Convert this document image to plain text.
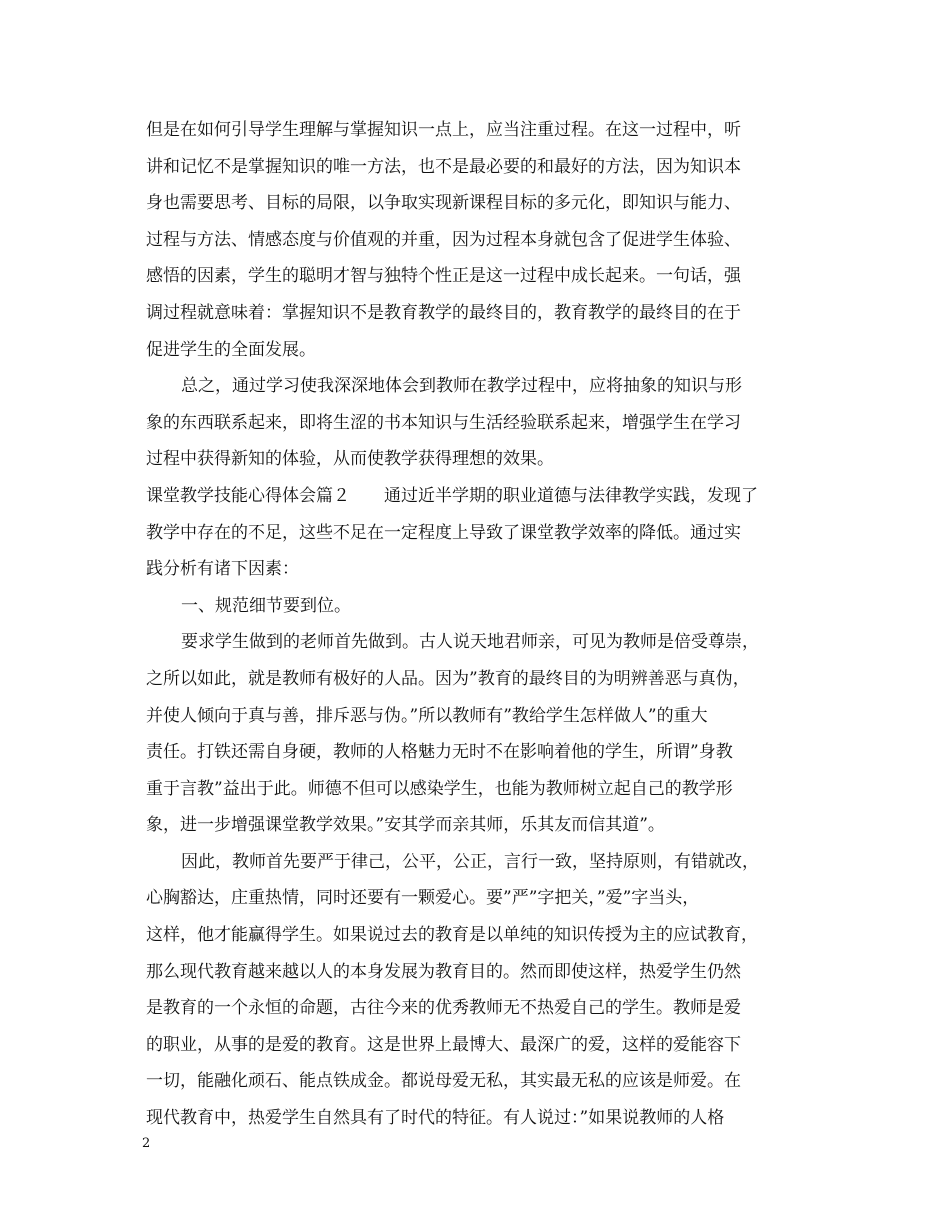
但是在如何引导学生理解与掌握知识一点上，应当注重过程。在这一过程中，听
讲和记忆不是掌握知识的唯一方法，也不是最必要的和最好的方法，因为知识本
身也需要思考、目标的局限，以争取实现新课程目标的多元化，即知识与能力、
过程与方法、情感态度与价值观的并重，因为过程本身就包含了促进学生体验、
感悟的因素，学生的聪明才智与独特个性正是这一过程中成长起来。一句话，强
调过程就意味着：掌握知识不是教育教学的最终目的，教育教学的最终目的在于
促进学生的全面发展。
总之，通过学习使我深深地体会到教师在教学过程中，应将抽象的知识与形
象的东西联系起来，即将生涩的书本知识与生活经验联系起来，增强学生在学习
过程中获得新知的体验，从而使教学获得理想的效果。
课堂教学技能心得体会篇２　　通过近半学期的职业道德与法律教学实践，发现了
教学中存在的不足，这些不足在一定程度上导致了课堂教学效率的降低。通过实
践分析有诸下因素：
一、规范细节要到位。
要求学生做到的老师首先做到。古人说天地君师亲，可见为教师是倍受尊崇，
之所以如此，就是教师有极好的人品。因为”教育的最终目的为明辨善恶与真伪，
并使人倾向于真与善，排斥恶与伪。”所以教师有”教给学生怎样做人”的重大
责任。打铁还需自身硬，教师的人格魅力无时不在影响着他的学生，所谓”身教
重于言教”益出于此。师德不但可以感染学生，也能为教师树立起自己的教学形
象，进一步增强课堂教学效果。”安其学而亲其师，乐其友而信其道”。
因此，教师首先要严于律己，公平，公正，言行一致，坚持原则，有错就改，
心胸豁达，庄重热情，同时还要有一颗爱心。要”严”字把关，”爱”字当头，
这样，他才能赢得学生。如果说过去的教育是以单纯的知识传授为主的应试教育，
那么现代教育越来越以人的本身发展为教育目的。然而即使这样，热爱学生仍然
是教育的一个永恒的命题，古往今来的优秀教师无不热爱自己的学生。教师是爱
的职业，从事的是爱的教育。这是世界上最博大、最深广的爱，这样的爱能容下
一切，能融化顽石、能点铁成金。都说母爱无私，其实最无私的应该是师爱。在
现代教育中，热爱学生自然具有了时代的特征。有人说过：”如果说教师的人格
2
